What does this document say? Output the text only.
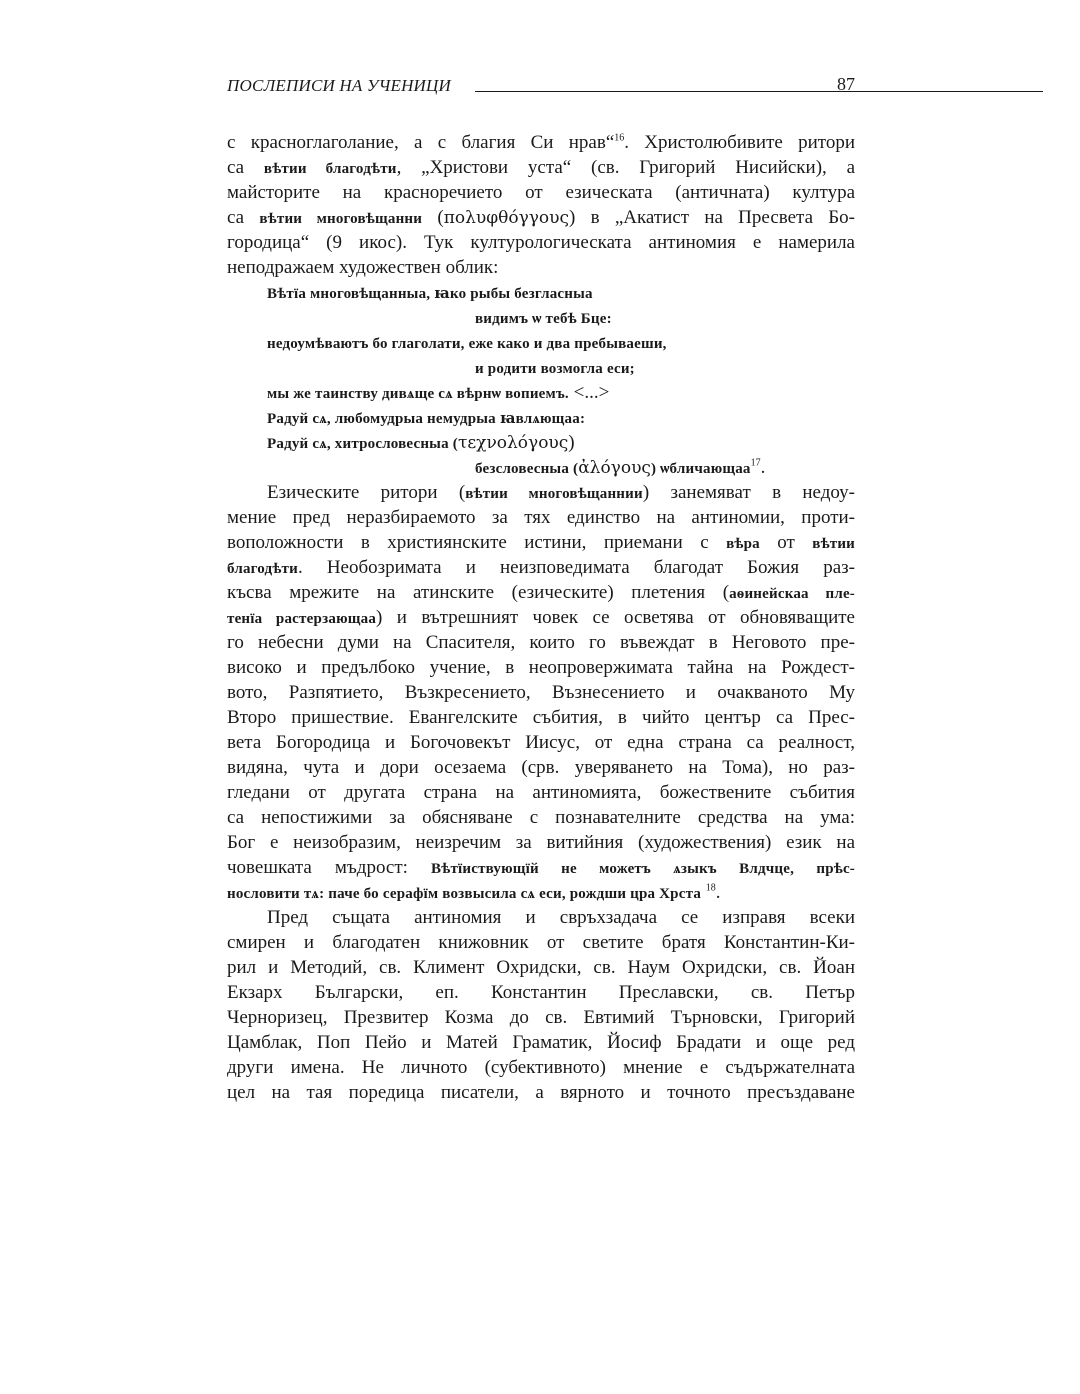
ПОСЛЕПИСИ НА УЧЕНИЦИ	87
с красноглаголание, а с благия Си нрав“$^{16}$. Христолюбивите ритори
са вѣтии благодѣти, „Христови уста“ (св. Григорий Нисийски), а
майсторите на красноречието от езическата (античната) култура
са вѣтии многовѣщанни (πολυφθόγγους) в „Акатист на Пресвета Бо-
городица“ (9 икос). Тук културологическата антиномия е намерила
неподражаем художествен облик:
Вѣтїа многовѣщанныа, ꙗко рыбы безгласныа
видимъ ѡ тебѣ Бце:
недоумѣваютъ бо глаголати, еже како и два пребываеши,
и родити возмогла еси;
мы же таинству дивѧще сѧ вѣрнѡ вопиемъ. <...>
Радуй сѧ, любомудрыа немудрыа ꙗвлѧющаа:
Радуй сѧ, хитрословесныа (τεχνολόγους)
безсловесныа (ἀλόγους) ѡбличающаа$^{17}$.
Езическите ритори (вѣтии многовѣщаннии) занемяват в недоу-
мение пред неразбираемото за тях единство на антиномии, проти-
воположности в християнските истини, приемани с вѣра от вѣтии
благодѣти. Необозримата и неизповедимата благодат Божия раз-
късва мрежите на атинските (езическите) плетения (аѳинейскаа пле-
тенїа растерзающаа) и вътрешният човек се осветява от обновяващите
го небесни думи на Спасителя, които го въвеждат в Неговото пре-
високо и предълбоко учение, в неопровержимата тайна на Рождест-
вото, Разпятието, Възкресението, Възнесението и очакваното Му
Второ пришествие. Евангелските събития, в чийто център са Прес-
вета Богородица и Богочовекът Иисус, от една страна са реалност,
видяна, чута и дори осезаема (срв. уверяването на Тома), но раз-
гледани от другата страна на антиномията, божествените събития
са непостижими за обясняване с познавателните средства на ума:
Бог е неизобразим, неизречим за витийния (художествения) език на
човешката мъдрост: Вѣтїиствующїй не можетъ ѧзыкъ Влдчце, прѣс-
нословити тѧ: паче бо серафїм возвысила сѧ еси, рождши цра Хрста $^{18}$.
Пред същата антиномия и свръхзадача се изправя всеки
смирен и благодатен книжовник от светите братя Константин-Ки-
рил и Методий, св. Климент Охридски, св. Наум Охридски, св. Йоан
Екзарх Български, еп. Константин Преславски, св. Петър
Черноризец, Презвитер Козма до св. Евтимий Търновски, Григорий
Цамблак, Поп Пейо и Матей Граматик, Йосиф Брадати и още ред
други имена. Не личното (субективното) мнение е съдържателната
цел на тая поредица писатели, а вярното и точното пресъздаване
